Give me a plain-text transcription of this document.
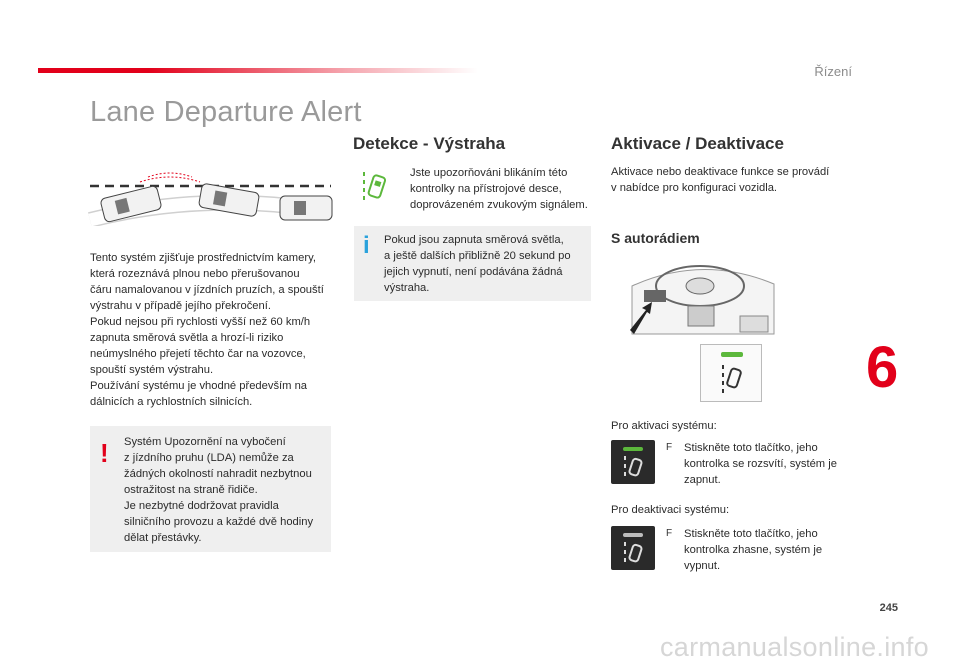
Řízení
Lane Departure Alert
Tento systém zjišťuje prostřednictvím kamery,
která rozeznává plnou nebo přerušovanou
čáru namalovanou v jízdních pruzích, a spouští
výstrahu v případě jejího překročení.
Pokud nejsou při rychlosti vyšší než 60 km/h
zapnuta směrová světla a hrozí-li riziko
neúmyslného přejetí těchto čar na vozovce,
spouští systém výstrahu.
Používání systému je vhodné především na
dálnicích a rychlostních silnicích.
! Systém Upozornění na vybočení
z jízdního pruhu (LDA) nemůže za
žádných okolností nahradit nezbytnou
ostražitost na straně řidiče.
Je nezbytné dodržovat pravidla
silničního provozu a každé dvě hodiny
dělat přestávky.
Detekce - Výstraha
Jste upozorňováni blikáním této
kontrolky na přístrojové desce,
doprovázeném zvukovým signálem.
i Pokud jsou zapnuta směrová světla,
a ještě dalších přibližně 20 sekund po
jejich vypnutí, není podávána žádná
výstraha.
Aktivace / Deaktivace
Aktivace nebo deaktivace funkce se provádí
v nabídce pro konfiguraci vozidla.
S autorádiem
Pro aktivaci systému:
F Stiskněte toto tlačítko, jeho
kontrolka se rozsvítí, systém je
zapnut.
Pro deaktivaci systému:
F Stiskněte toto tlačítko, jeho
kontrolka zhasne, systém je
vypnut.
6
245
carmanualsonline.info
